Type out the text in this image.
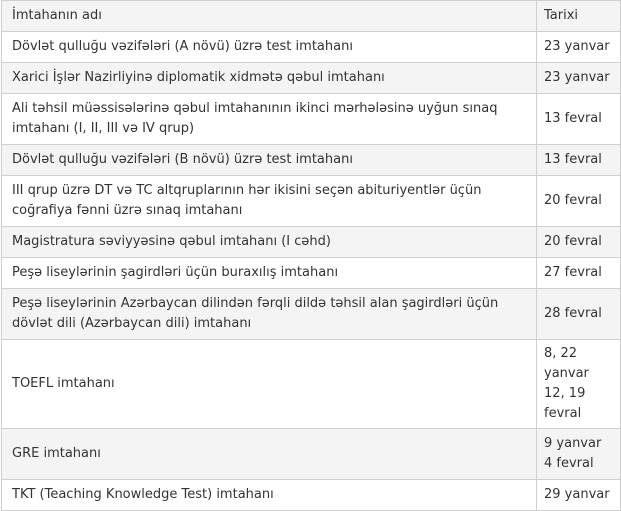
İmtahanın adı	Tarixi
Dövlət qulluğu vəzifələri (A növü) üzrə test imtahanı	23 yanvar

Xarici İşlər Nazirliyinə diplomatik xidmətə qəbul imtahanı	23 yanvar

Ali təhsil müəssisələrinə qəbul imtahanının ikinci mərhələsinə uyğun sınaq imtahanı (I, II, III və IV qrup)	13 fevral

Dövlət qulluğu vəzifələri (B növü) üzrə test imtahanı	13 fevral

III qrup üzrə DT və TC altqruplarının hər ikisini seçən abituriyentlər üçün coğrafiya fənni üzrə sınaq imtahanı	20 fevral

Magistratura səviyyəsinə qəbul imtahanı (I cəhd)	20 fevral

Peşə liseylərinin şagirdləri üçün buraxılış imtahanı	27 fevral

Peşə liseylərinin Azərbaycan dilindən fərqli dildə təhsil alan şagirdləri üçün dövlət dili (Azərbaycan dili) imtahanı	28 fevral

TOEFL imtahanı	8, 22
yanvar
12, 19
fevral

GRE imtahanı	9 yanvar
4 fevral

TKT (Teaching Knowledge Test) imtahanı	29 yanvar
